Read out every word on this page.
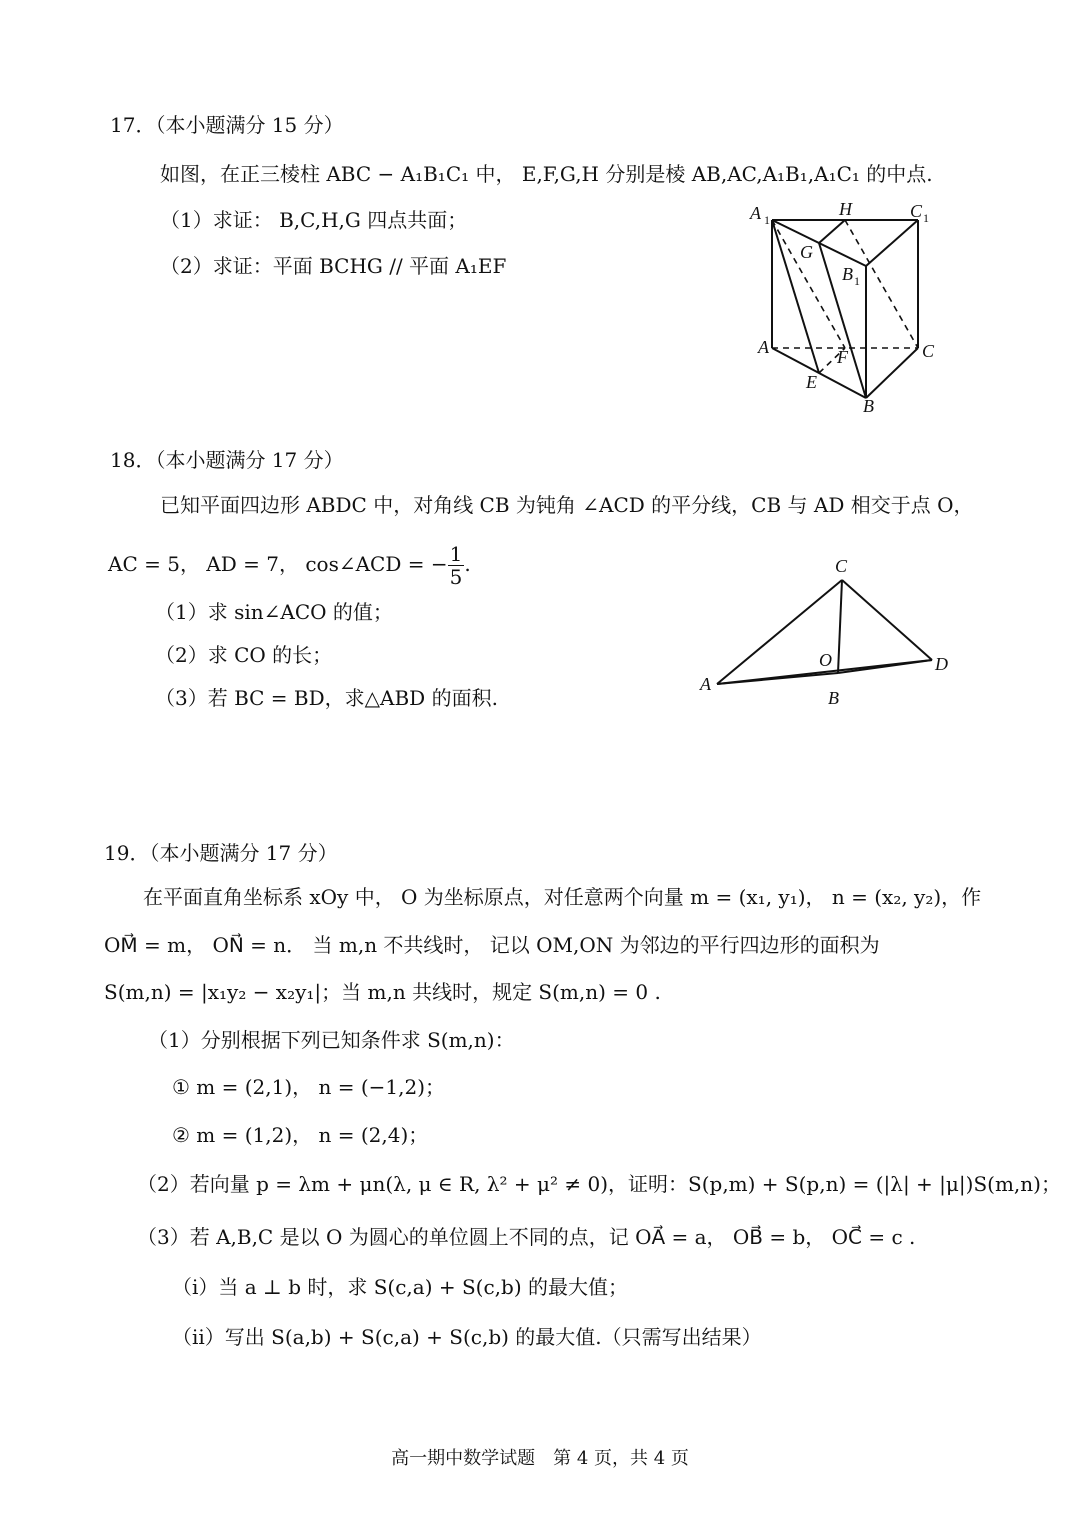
17．（本小题满分 15 分）
如图，在正三棱柱 ABC − A₁B₁C₁ 中， E,F,G,H 分别是棱 AB,AC,A₁B₁,A₁C₁ 的中点.
（1）求证： B,C,H,G 四点共面；
（2）求证：平面 BCHG // 平面 A₁EF
A 1
H	C 1
G
B 1
A	F	C
E
B
18．（本小题满分 17 分）
已知平面四边形 ABDC 中，对角线 CB 为钝角 ∠ACD 的平分线，CB 与 AD 相交于点 O，
AC = 5， AD = 7， cos∠ACD = − $\frac{1}{5}$ .
（1）求 sin∠ACO 的值；
（2）求 CO 的长；
（3）若 BC = BD，求△ABD 的面积.
C
O	D
A
B
19．（本小题满分 17 分）
在平面直角坐标系 xOy 中， O 为坐标原点，对任意两个向量 m = (x₁, y₁)， n = (x₂, y₂)，作
OM⃗ = m， ON⃗ = n． 当 m,n 不共线时， 记以 OM,ON 为邻边的平行四边形的面积为
S(m,n) = |x₁y₂ − x₂y₁|；当 m,n 共线时，规定 S(m,n) = 0 .
（1）分别根据下列已知条件求 S(m,n)：
① m = (2,1)， n = (−1,2)；
② m = (1,2)， n = (2,4)；
（2）若向量 p = λm + μn(λ, μ ∈ R, λ² + μ² ≠ 0)，证明：S(p,m) + S(p,n) = (|λ| + |μ|)S(m,n)；
（3）若 A,B,C 是以 O 为圆心的单位圆上不同的点，记 OA⃗ = a， OB⃗ = b， OC⃗ = c .
（i）当 a ⊥ b 时，求 S(c,a) + S(c,b) 的最大值；
（ii）写出 S(a,b) + S(c,a) + S(c,b) 的最大值.（只需写出结果）
高一期中数学试题　第 4 页，共 4 页
